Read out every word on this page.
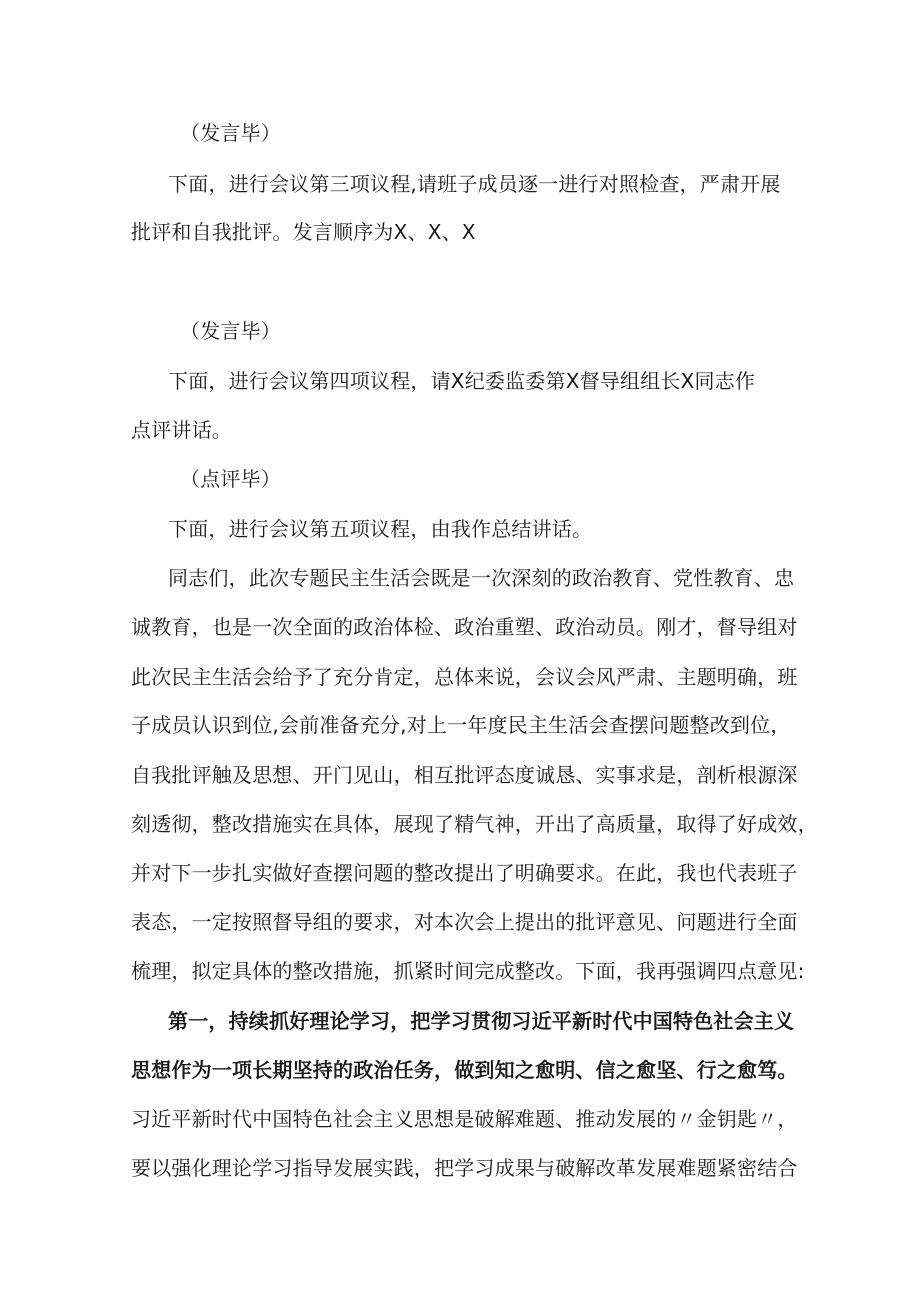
（发言毕）
下面，进行会议第三项议程,请班子成员逐一进行对照检查，严肃开展
批评和自我批评。发言顺序为X、X、X
（发言毕）
下面，进行会议第四项议程，请X纪委监委第X督导组组长X同志作
点评讲话。
（点评毕）
下面，进行会议第五项议程，由我作总结讲话。
同志们，此次专题民主生活会既是一次深刻的政治教育、党性教育、忠
诚教育，也是一次全面的政治体检、政治重塑、政治动员。刚才，督导组对
此次民主生活会给予了充分肯定，总体来说，会议会风严肃、主题明确，班
子成员认识到位,会前准备充分,对上一年度民主生活会查摆问题整改到位，
自我批评触及思想、开门见山，相互批评态度诚恳、实事求是，剖析根源深
刻透彻，整改措施实在具体，展现了精气神，开出了高质量，取得了好成效，
并对下一步扎实做好查摆问题的整改提出了明确要求。在此，我也代表班子
表态，一定按照督导组的要求，对本次会上提出的批评意见、问题进行全面
梳理，拟定具体的整改措施，抓紧时间完成整改。下面，我再强调四点意见:
第一，持续抓好理论学习，把学习贯彻习近平新时代中国特色社会主义
思想作为一项长期坚持的政治任务，做到知之愈明、信之愈坚、行之愈笃。
习近平新时代中国特色社会主义思想是破解难题、推动发展的〃金钥匙〃，
要以强化理论学习指导发展实践，把学习成果与破解改革发展难题紧密结合
